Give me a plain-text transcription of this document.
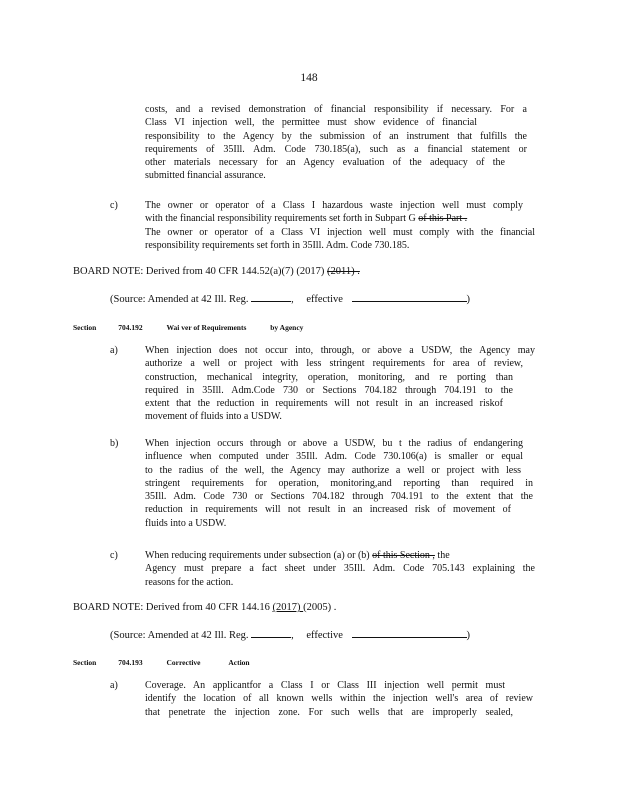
148
costs, and a revised demonstration of financial responsibility if necessary. For a
Class VI injection well, the permittee must show evidence of financial
responsibility to the Agency by the submission of an instrument that fulfills the
requirements of 35Ill. Adm. Code 730.185(a), such as a financial statement or
other materials necessary for an Agency evaluation of the adequacy of the
submitted financial assurance.
c)	The owner or operator of a Class I hazardous waste injection well must comply
with the financial responsibility requirements set forth in Subpart G of this Part .
The owner or operator of a Class VI injection well must comply with the financial
responsibility requirements set forth in 35Ill. Adm. Code 730.185.
BOARD NOTE: Derived from 40 CFR 144.52(a)(7) (2017) (2011) .
(Source: Amended at 42 Ill. Reg.	, effective	)
Section	704.192	Wai ver of Requirements	by Agency
a)	When injection does not occur into, through, or above a USDW, the Agency may
authorize a well or project with less stringent requirements for area of review,
construction, mechanical integrity, operation, monitoring, and re porting than
required in 35Ill. Adm.Code 730 or Sections 704.182 through 704.191 to the
extent that the reduction in requirements will not result in an increased riskof
movement of fluids into a USDW.
b)	When injection occurs through or above a USDW, bu t the radius of endangering
influence when computed under 35Ill. Adm. Code 730.106(a) is smaller or equal
to the radius of the well, the Agency may authorize a well or project with less
stringent requirements for operation, monitoring,and reporting than required in
35Ill. Adm. Code 730 or Sections 704.182 through 704.191 to the extent that the
reduction in requirements will not result in an increased risk of movement of
fluids into a USDW.
c)	When reducing requirements under subsection (a) or (b) of this Section , the
Agency must prepare a fact sheet under 35Ill. Adm. Code 705.143 explaining the
reasons for the action.
BOARD NOTE: Derived from 40 CFR 144.16 (2017) (2005) .
(Source: Amended at 42 Ill. Reg.	, effective	)
Section	704.193	Corrective	Action
a)	Coverage. An applicantfor a Class I or Class III injection well permit must
identify the location of all known wells within the injection well's area of review
that penetrate the injection zone. For such wells that are improperly sealed,
